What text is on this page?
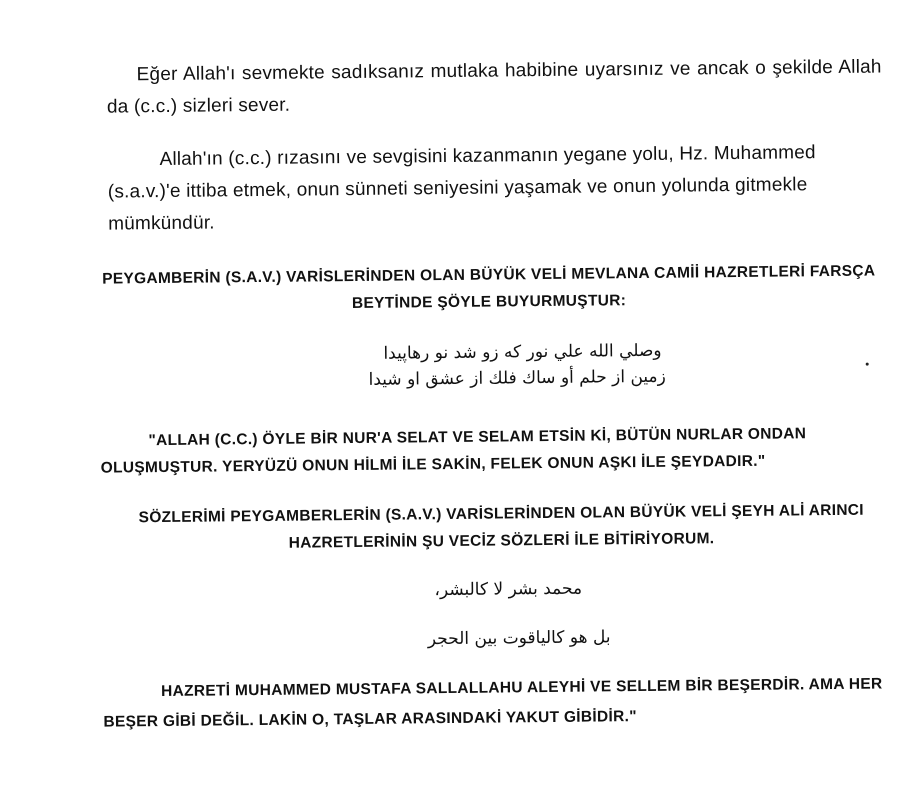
Eğer Allah'ı sevmekte sadıksanız mutlaka habibine uyarsınız ve ancak o şekilde Allah da (c.c.) sizleri sever.

Allah'ın (c.c.) rızasını ve sevgisini kazanmanın yegane yolu, Hz. Muhammed (s.a.v.)'e ittiba etmek, onun sünneti seniyesini yaşamak ve onun yolunda gitmekle mümkündür.

PEYGAMBERİN (S.A.V.) VARİSLERİNDEN OLAN BÜYÜK VELİ MEVLANA CAMİİ HAZRETLERİ FARSÇA BEYTİNDE ŞÖYLE BUYURMUŞTUR:

وصلي الله علي نور كه زو شد نو رهاپيدا

زمين از حلم أو ساك فلك از عشق او شيدا

"ALLAH (C.C.) ÖYLE BİR NUR'A SELAT VE SELAM ETSİN Kİ, BÜTÜN NURLAR ONDAN OLUŞMUŞTUR. YERYÜZÜ ONUN HİLMİ İLE SAKİN, FELEK ONUN AŞKI İLE ŞEYDADIR."

SÖZLERİMİ PEYGAMBERLERİN (S.A.V.) VARİSLERİNDEN OLAN BÜYÜK VELİ ŞEYH ALİ ARINCI HAZRETLERİNİN ŞU VECİZ SÖZLERİ İLE BİTİRİYORUM.

محمد بشر لا كالبشر،

بل هو كالياقوت بين الحجر

HAZRETİ MUHAMMED MUSTAFA SALLALLAHU ALEYHİ VE SELLEM BİR BEŞERDİR. AMA HER BEŞER GİBİ DEĞİL. LAKİN O, TAŞLAR ARASINDAKİ YAKUT GİBİDİR."
